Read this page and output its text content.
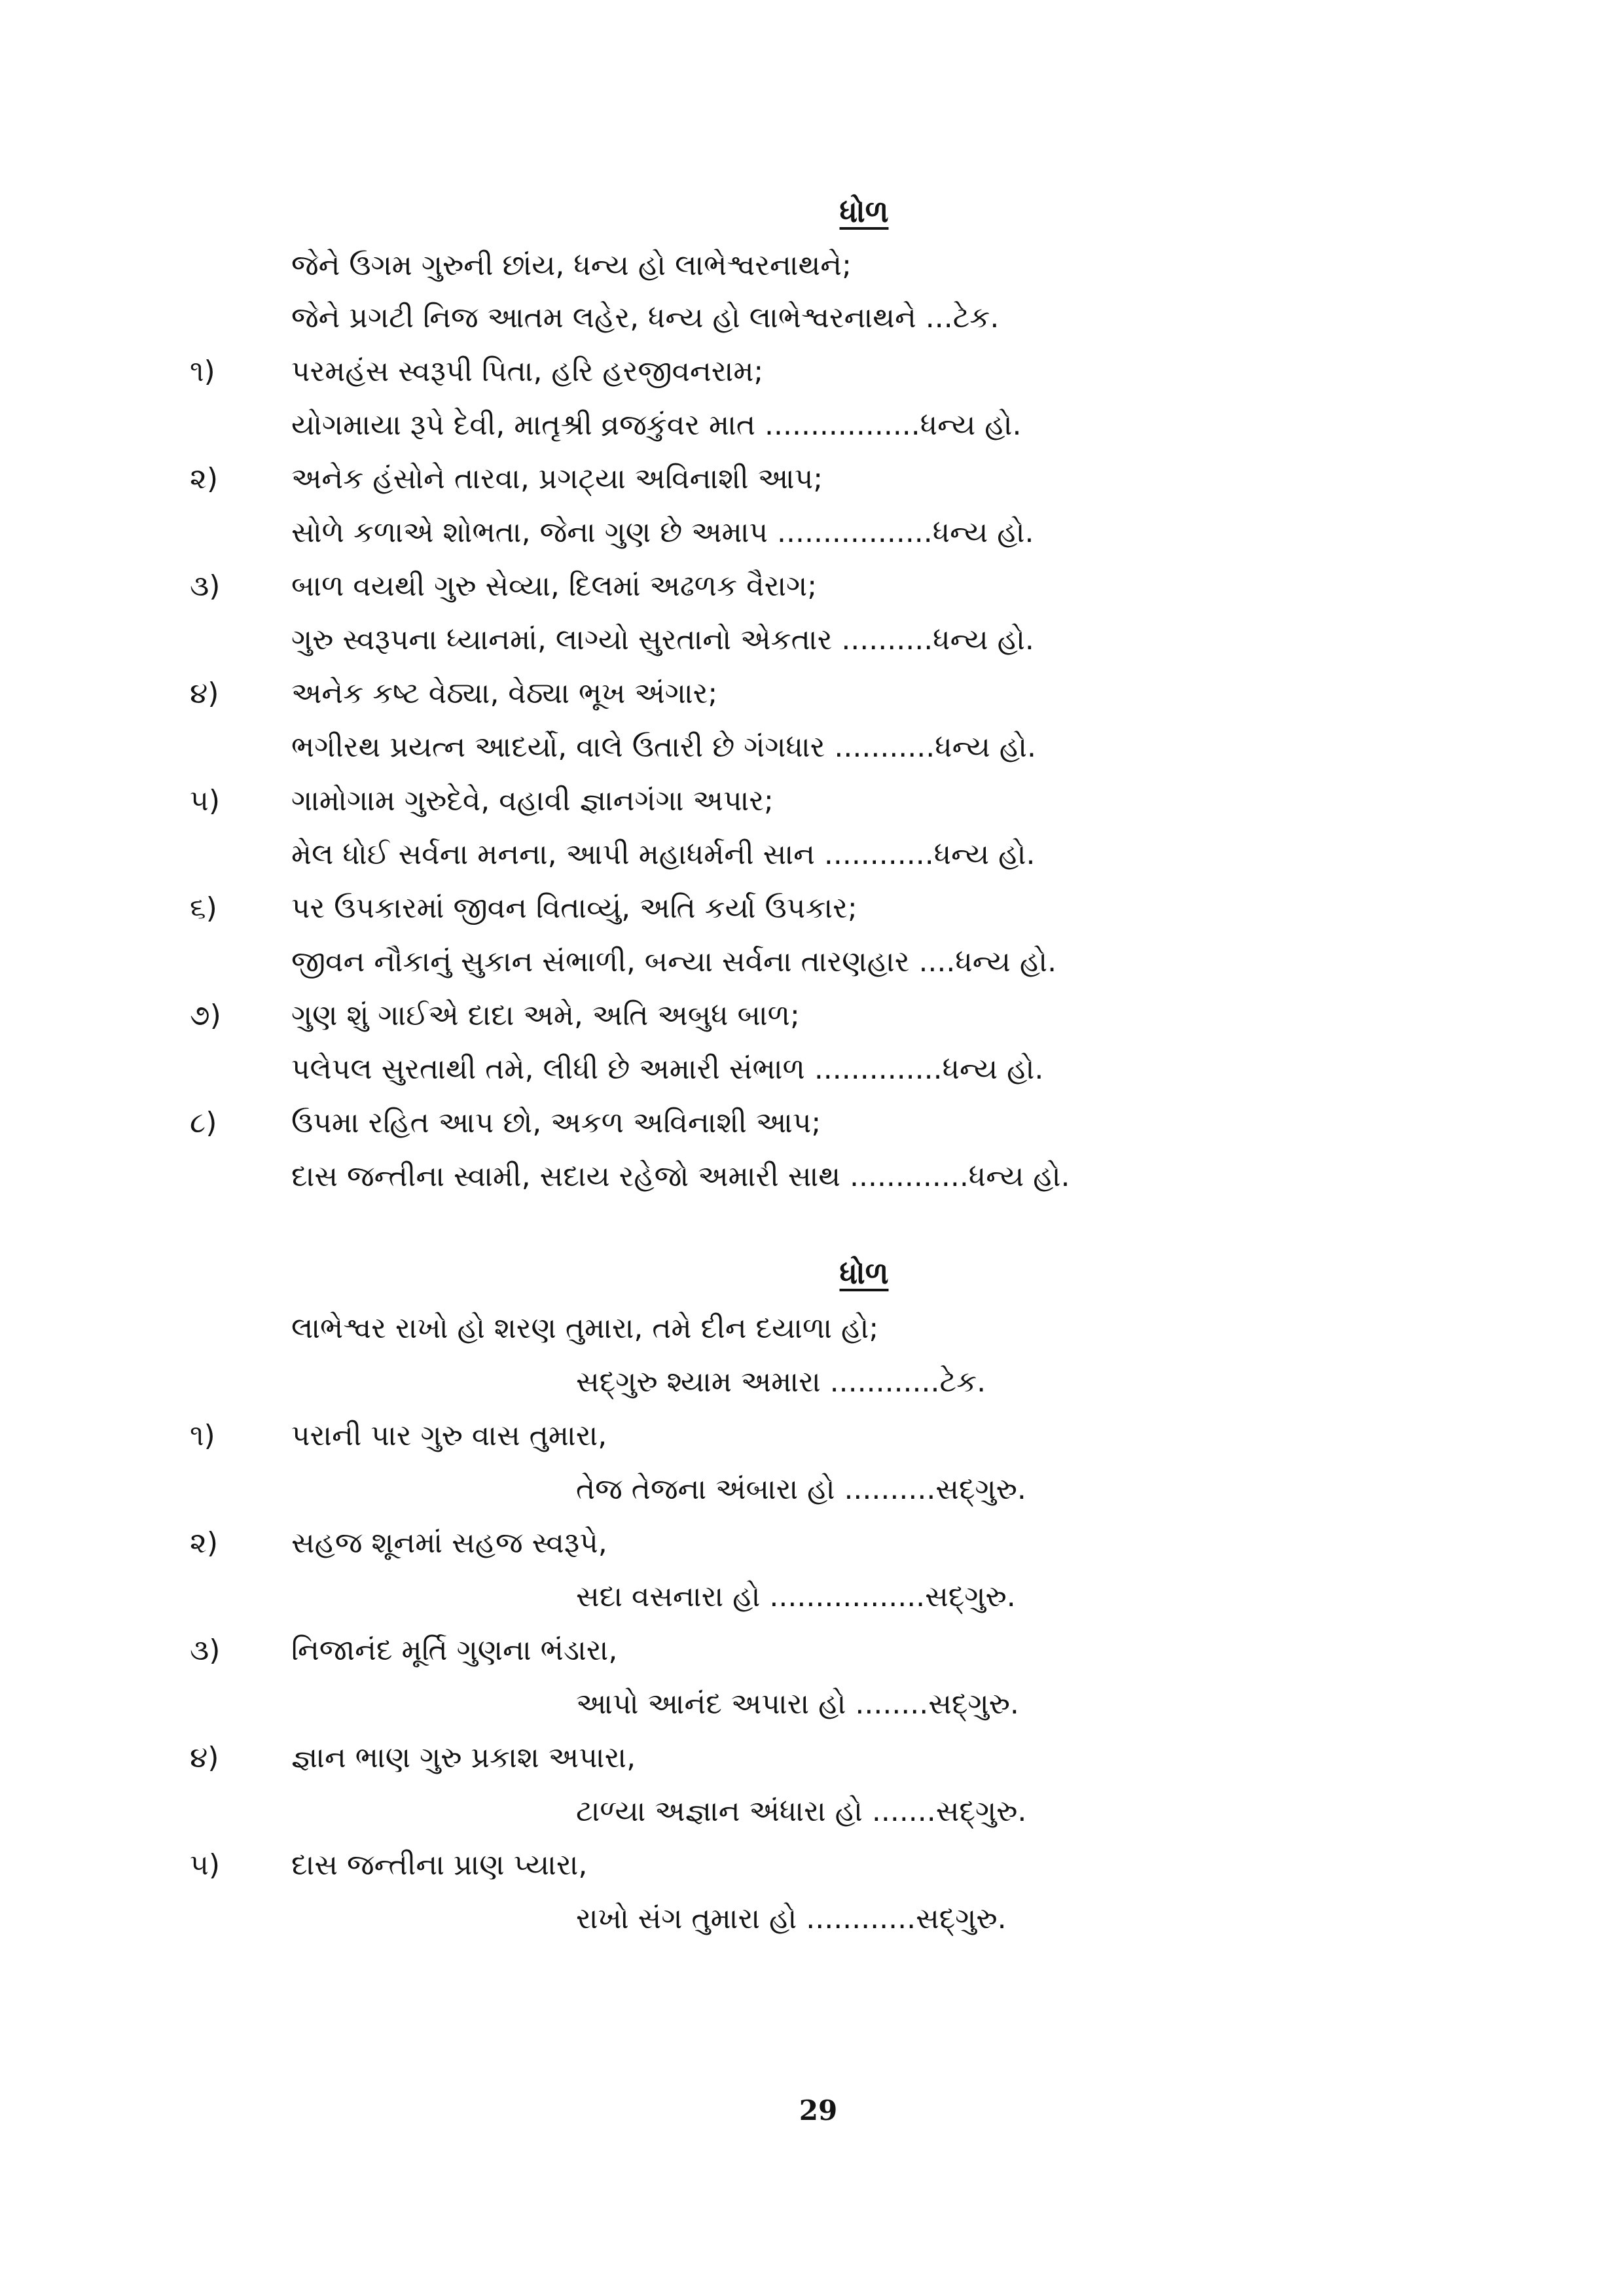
ધોળ
જેને ઉગમ ગુરુની છાંય, ધન્ય હો લાભેશ્વરનાથને;
જેને પ્રગટી નિજ આતમ લહેર, ધન્ય હો લાભેશ્વરનાથને ...ટેક.
૧)	પરમહંસ સ્વરૂપી પિતા, હરિ હરજીવનરામ;
યોગમાયા રૂપે દેવી, માતૃશ્રી વ્રજકુંવર માત .................ધન્ય હો.
૨)	અનેક હંસોને તારવા, પ્રગટ્યા અવિનાશી આપ;
સોળે કળાએ શોભતા, જેના ગુણ છે અમાપ .................ધન્ય હો.
૩)	બાળ વયથી ગુરુ સેવ્યા, દિલમાં અઢળક વૈરાગ;
ગુરુ સ્વરૂપના ધ્યાનમાં, લાગ્યો સુરતાનો એકતાર ..........ધન્ય હો.
૪)	અનેક કષ્ટ વેઠ્યા, વેઠ્યા ભૂખ અંગાર;
ભગીરથ પ્રયત્ન આદર્યો, વાલે ઉતારી છે ગંગધાર ...........ધન્ય હો.
૫)	ગામોગામ ગુરુદેવે, વહાવી જ્ઞાનગંગા અપાર;
મેલ ધોઈ સર્વના મનના, આપી મહાધર્મની સાન ............ધન્ય હો.
૬)	પર ઉપકારમાં જીવન વિતાવ્યું, અતિ કર્યા ઉપકાર;
જીવન નૌકાનું સુકાન સંભાળી, બન્યા સર્વના તારણહાર ....ધન્ય હો.
૭)	ગુણ શું ગાઈએ દાદા અમે, અતિ અબુધ બાળ;
પલેપલ સુરતાથી તમે, લીધી છે અમારી સંભાળ ..............ધન્ય હો.
૮)	ઉપમા રહિત આપ છો, અકળ અવિનાશી આપ;
દાસ જન્તીના સ્વામી, સદાય રહેજો અમારી સાથ .............ધન્ય હો.
ધોળ
લાભેશ્વર રાખો હો શરણ તુમારા, તમે દીન દયાળા હો;
સદ્‌ગુરુ શ્યામ અમારા ............ટેક.
૧)	પરાની પાર ગુરુ વાસ તુમારા,
તેજ તેજના અંબારા હો ..........સદ્‌ગુરુ.
૨)	સહજ શૂનમાં સહજ સ્વરૂપે,
સદા વસનારા હો .................સદ્‌ગુરુ.
૩)	નિજાનંદ મૂર્તિ ગુણના ભંડારા,
આપો આનંદ અપારા હો ........સદ્‌ગુરુ.
૪)	જ્ઞાન ભાણ ગુરુ પ્રકાશ અપારા,
ટાળ્યા અજ્ઞાન અંધારા હો .......સદ્‌ગુરુ.
૫)	દાસ જન્તીના પ્રાણ પ્યારા,
રાખો સંગ તુમારા હો ............સદ્‌ગુરુ.
29
